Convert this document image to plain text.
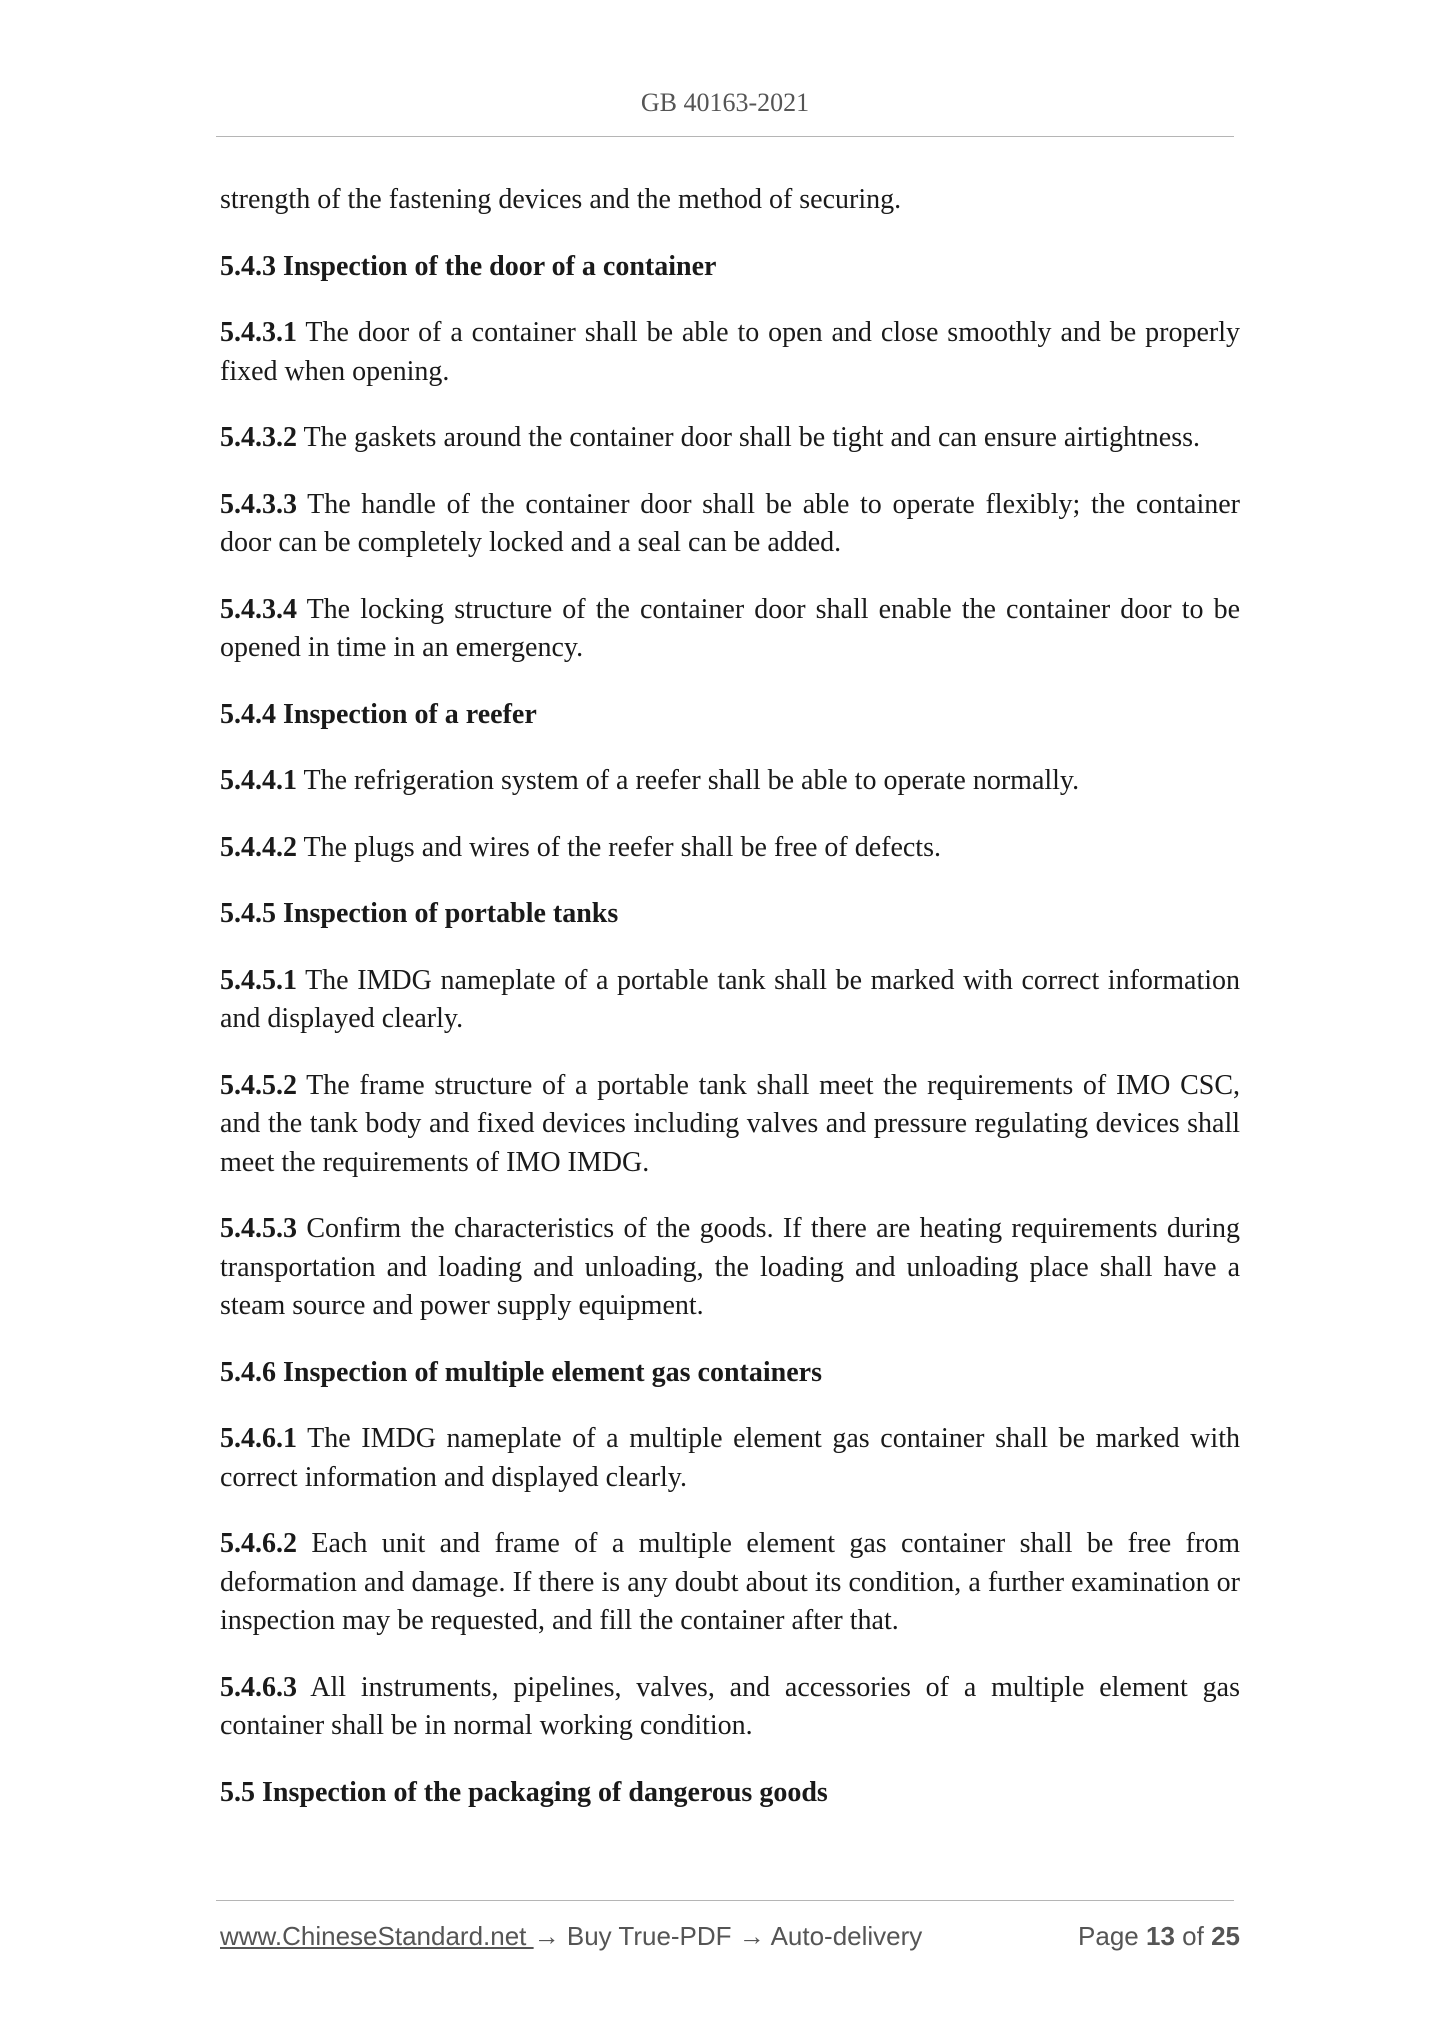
GB 40163-2021

strength of the fastening devices and the method of securing.

5.4.3 Inspection of the door of a container

5.4.3.1 The door of a container shall be able to open and close smoothly and be properly fixed when opening.

5.4.3.2 The gaskets around the container door shall be tight and can ensure airtightness.

5.4.3.3 The handle of the container door shall be able to operate flexibly; the container door can be completely locked and a seal can be added.

5.4.3.4 The locking structure of the container door shall enable the container door to be opened in time in an emergency.

5.4.4 Inspection of a reefer

5.4.4.1 The refrigeration system of a reefer shall be able to operate normally.

5.4.4.2 The plugs and wires of the reefer shall be free of defects.

5.4.5 Inspection of portable tanks

5.4.5.1 The IMDG nameplate of a portable tank shall be marked with correct information and displayed clearly.

5.4.5.2 The frame structure of a portable tank shall meet the requirements of IMO CSC, and the tank body and fixed devices including valves and pressure regulating devices shall meet the requirements of IMO IMDG.

5.4.5.3 Confirm the characteristics of the goods. If there are heating requirements during transportation and loading and unloading, the loading and unloading place shall have a steam source and power supply equipment.

5.4.6 Inspection of multiple element gas containers

5.4.6.1 The IMDG nameplate of a multiple element gas container shall be marked with correct information and displayed clearly.

5.4.6.2 Each unit and frame of a multiple element gas container shall be free from deformation and damage. If there is any doubt about its condition, a further examination or inspection may be requested, and fill the container after that.

5.4.6.3 All instruments, pipelines, valves, and accessories of a multiple element gas container shall be in normal working condition.

5.5 Inspection of the packaging of dangerous goods

www.ChineseStandard.net → Buy True-PDF → Auto-delivery	Page 13 of 25
